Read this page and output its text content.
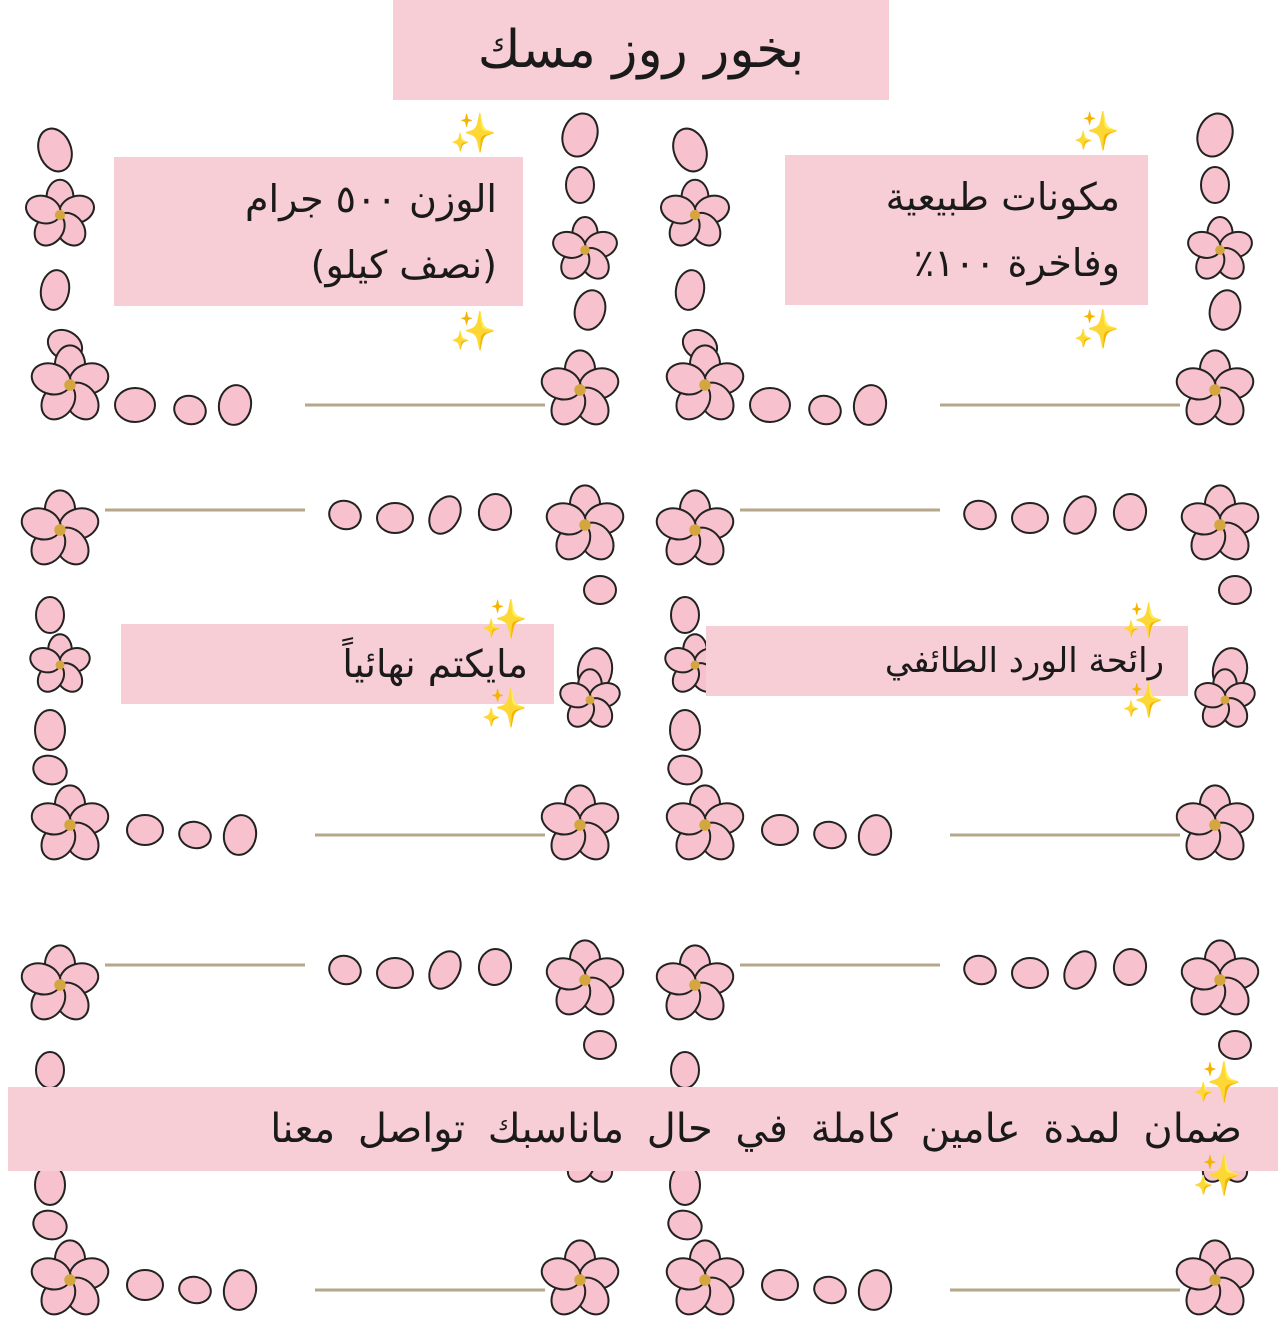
بخور روز مسك
✨
مكونات طبيعية
وفاخرة ١٠٠٪
✨
✨
الوزن ٥٠٠ جرام
(نصف كيلو)
✨
✨
رائحة الورد الطائفي
✨
✨
مايكتم نهائياً
✨
✨
ضمان لمدة عامين كاملة في حال ماناسبك تواصل معنا
✨
